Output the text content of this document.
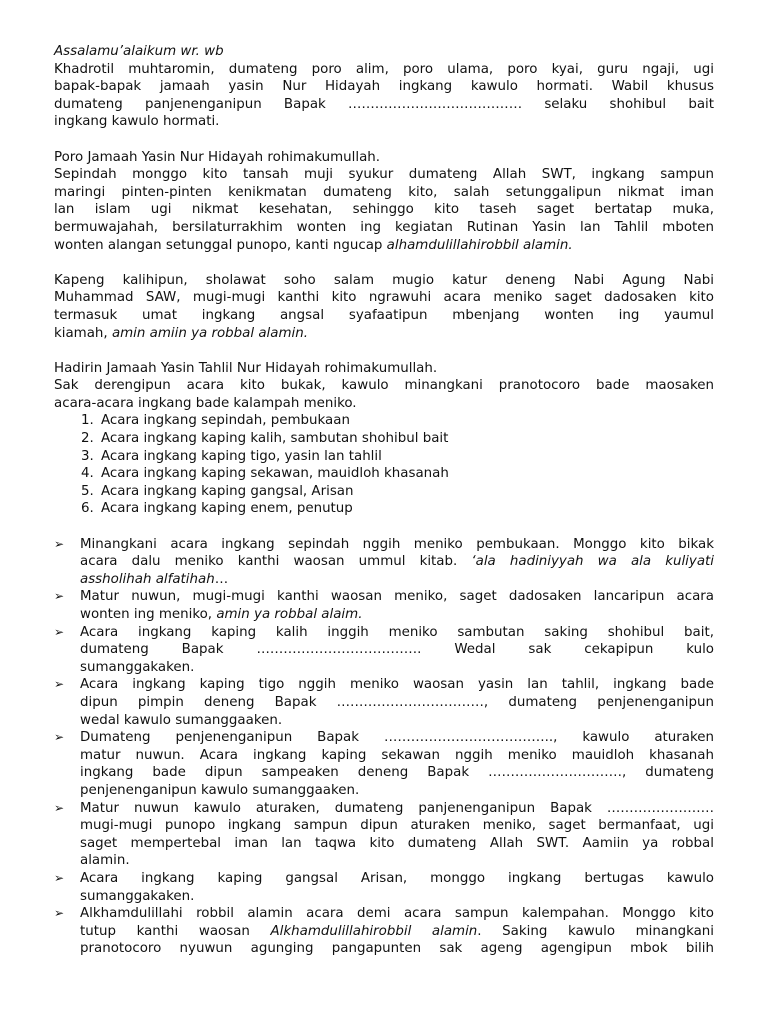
Assalamu’alaikum wr. wb

Khadrotil muhtaromin, dumateng poro alim, poro ulama, poro kyai, guru ngaji, ugi

bapak-bapak jamaah yasin Nur Hidayah ingkang kawulo hormati. Wabil khusus

dumateng panjenenganipun Bapak ………………………………… selaku shohibul bait

ingkang kawulo hormati.

Poro Jamaah Yasin Nur Hidayah rohimakumullah.

Sepindah monggo kito tansah muji syukur dumateng Allah SWT, ingkang sampun

maringi pinten-pinten kenikmatan dumateng kito, salah setunggalipun nikmat iman

lan islam ugi nikmat kesehatan, sehinggo kito taseh saget bertatap muka,

bermuwajahah, bersilaturrakhim wonten ing kegiatan Rutinan Yasin lan Tahlil mboten

wonten alangan setunggal punopo, kanti ngucap alhamdulillahirobbil alamin.

Kapeng kalihipun, sholawat soho salam mugio katur deneng Nabi Agung Nabi

Muhammad SAW, mugi-mugi kanthi kito ngrawuhi acara meniko saget dadosaken kito

termasuk umat ingkang angsal syafaatipun mbenjang wonten ing yaumul

kiamah, amin amiin ya robbal alamin.

Hadirin Jamaah Yasin Tahlil Nur Hidayah rohimakumullah.

Sak derengipun acara kito bukak, kawulo minangkani pranotocoro bade maosaken

acara-acara ingkang bade kalampah meniko.

1. Acara ingkang sepindah, pembukaan
2. Acara ingkang kaping kalih, sambutan shohibul bait
3. Acara ingkang kaping tigo, yasin lan tahlil
4. Acara ingkang kaping sekawan, mauidloh khasanah
5. Acara ingkang kaping gangsal, Arisan
6. Acara ingkang kaping enem, penutup
➢ Minangkani acara ingkang sepindah nggih meniko pembukaan. Monggo kito bikak

acara dalu meniko kanthi waosan ummul kitab. ‘ala hadiniyyah wa ala kuliyati

assholihah alfatihah…

➢ Matur nuwun, mugi-mugi kanthi waosan meniko, saget dadosaken lancaripun acara

wonten ing meniko, amin ya robbal alaim.

➢ Acara ingkang kaping kalih inggih meniko sambutan saking shohibul bait,

dumateng Bapak ………………………………. Wedal sak cekapipun kulo

sumanggakaken.

➢ Acara ingkang kaping tigo nggih meniko waosan yasin lan tahlil, ingkang bade

dipun pimpin deneng Bapak ……………………………, dumateng penjenenganipun

wedal kawulo sumanggaaken.

➢ Dumateng penjenenganipun Bapak ……………………………….., kawulo aturaken

matur nuwun. Acara ingkang kaping sekawan nggih meniko mauidloh khasanah

ingkang bade dipun sampeaken deneng Bapak …………………………, dumateng

penjenenganipun kawulo sumanggaaken.

➢ Matur nuwun kawulo aturaken, dumateng panjenenganipun Bapak ……………………

mugi-mugi punopo ingkang sampun dipun aturaken meniko, saget bermanfaat, ugi

saget mempertebal iman lan taqwa kito dumateng Allah SWT. Aamiin ya robbal

alamin.

➢ Acara ingkang kaping gangsal Arisan, monggo ingkang bertugas kawulo

sumanggakaken.

➢ Alkhamdulillahi robbil alamin acara demi acara sampun kalempahan. Monggo kito

tutup kanthi waosan Alkhamdulillahirobbil alamin. Saking kawulo minangkani

pranotocoro nyuwun agunging pangapunten sak ageng agengipun mbok bilih
